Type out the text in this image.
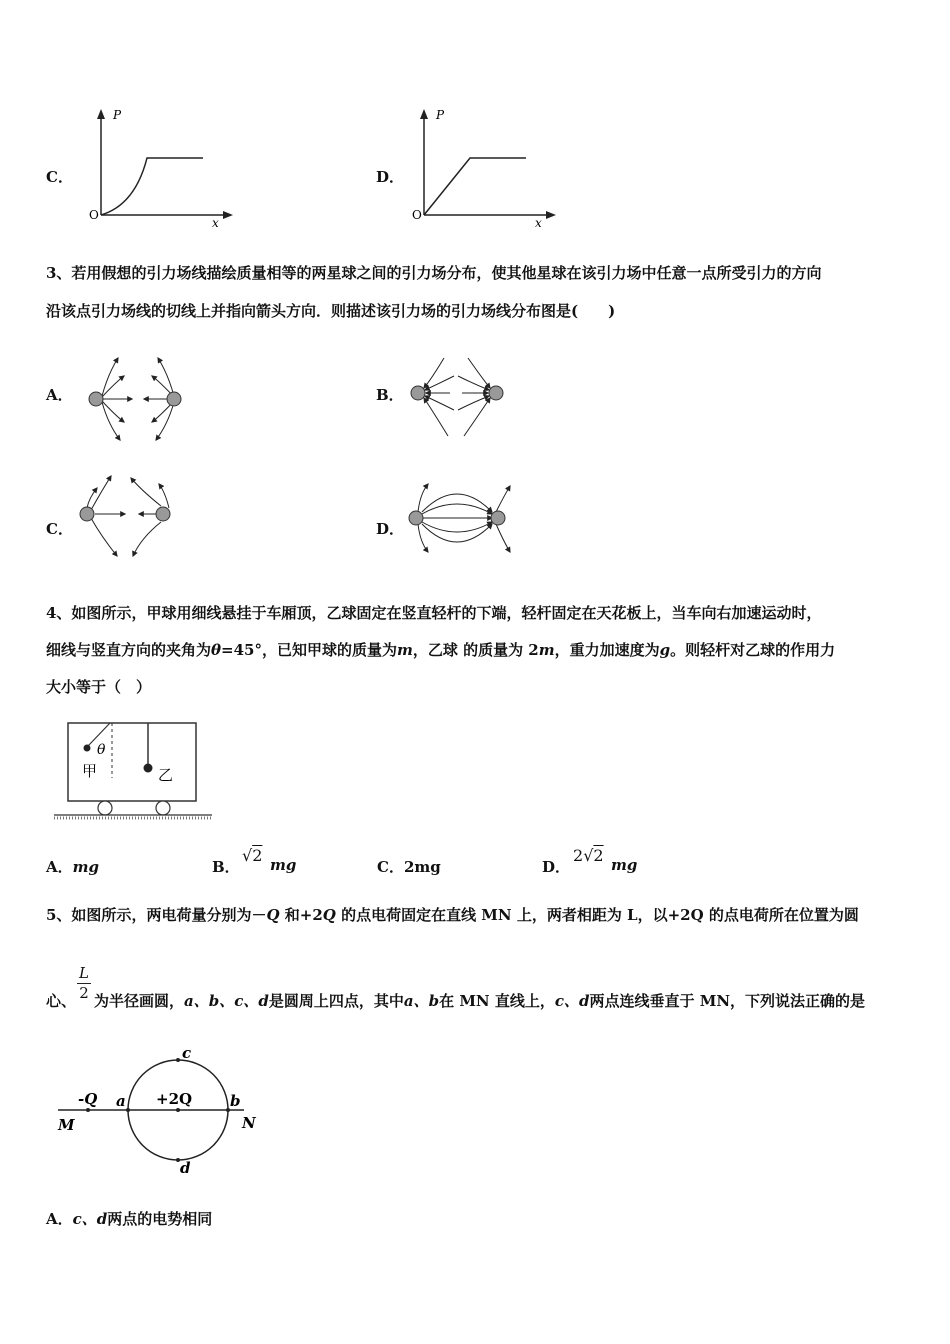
C．
P
O
x
D．
P
O
x
3、若用假想的引力场线描绘质量相等的两星球之间的引力场分布，使其他星球在该引力场中任意一点所受引力的方向
沿该点引力场线的切线上并指向箭头方向．则描述该引力场的引力场线分布图是(　　)
A．	B．
C．	D．
4、如图所示，甲球用细线悬挂于车厢顶，乙球固定在竖直轻杆的下端，轻杆固定在天花板上，当车向右加速运动时，
细线与竖直方向的夹角为θ=45°，已知甲球的质量为m，乙球 的质量为 2m，重力加速度为g。则轻杆对乙球的作用力
大小等于（　）
θ
甲	乙
A．mg	B．
√2 mg	C．2mg	D．
2√2 mg
5、如图所示，两电荷量分别为－Q 和+2Q 的点电荷固定在直线 MN 上，两者相距为 L，以+2Q 的点电荷所在位置为圆
L
2
心、 为半径画圆，a、b、c、d是圆周上四点，其中a、b在 MN 直线上，c、d两点连线垂直于 MN，下列说法正确的是
-Q	+2Q
a	b
c
d
M	N
A．c、d两点的电势相同
